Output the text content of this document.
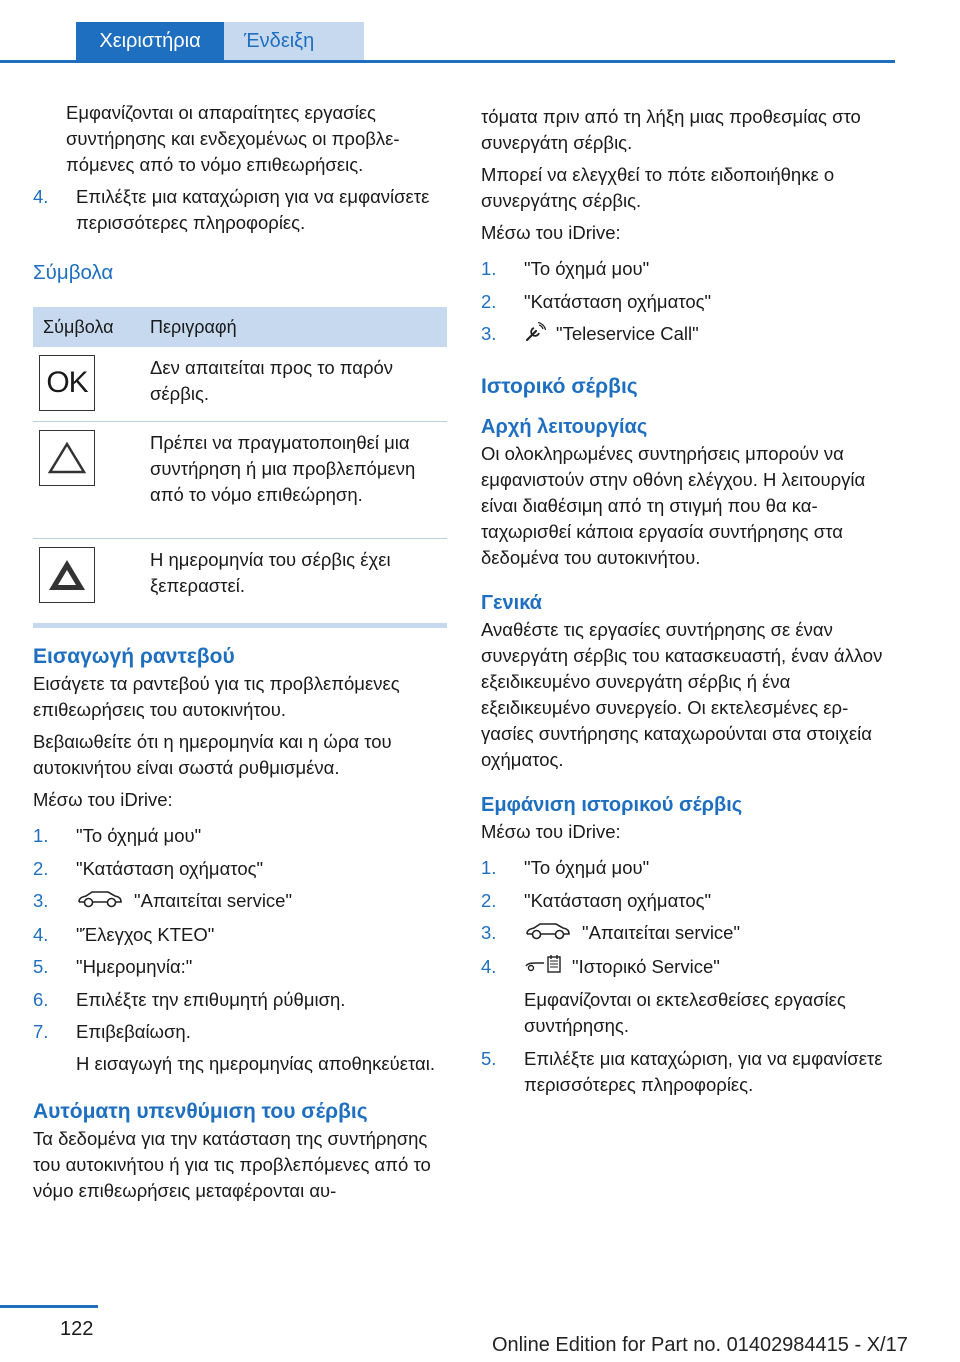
Χειριστήρια	Ένδειξη
Εμφανίζονται οι απαραίτητες εργασίες συντήρησης και ενδεχομένως οι προβλεπόμενες από το νόμο επιθεωρήσεις.
4. Επιλέξτε μια καταχώριση για να εμφανίσετε περισσότερες πληροφορίες.
Σύμβολα
Σύμβολα	Περιγραφή
OK	Δεν απαιτείται προς το παρόν σέρβις.
Πρέπει να πραγματοποιηθεί μια συντήρηση ή μια προβλεπόμενη από το νόμο επιθεώρηση.
Η ημερομηνία του σέρβις έχει ξεπεραστεί.
Εισαγωγή ραντεβού
Εισάγετε τα ραντεβού για τις προβλεπόμενες επιθεωρήσεις του αυτοκινήτου.
Βεβαιωθείτε ότι η ημερομηνία και η ώρα του αυτοκινήτου είναι σωστά ρυθμισμένα.
Μέσω του iDrive:
1. "Το όχημά μου"
2. "Κατάσταση οχήματος"
3.	"Απαιτείται service"
4. "Έλεγχος ΚΤΕΟ"
5. "Ημερομηνία:"
6. Επιλέξτε την επιθυμητή ρύθμιση.
7. Επιβεβαίωση.
Η εισαγωγή της ημερομηνίας αποθηκεύεται.
Αυτόματη υπενθύμιση του σέρβις
Τα δεδομένα για την κατάσταση της συντήρησης του αυτοκινήτου ή για τις προβλεπόμενες από το νόμο επιθεωρήσεις μεταφέρονται αυ-
τόματα πριν από τη λήξη μιας προθεσμίας στο συνεργάτη σέρβις.
Μπορεί να ελεγχθεί το πότε ειδοποιήθηκε ο συνεργάτης σέρβις.
Μέσω του iDrive:
1. "Το όχημά μου"
2. "Κατάσταση οχήματος"
3.	"Teleservice Call"
Ιστορικό σέρβις
Αρχή λειτουργίας
Οι ολοκληρωμένες συντηρήσεις μπορούν να εμφανιστούν στην οθόνη ελέγχου. Η λειτουργία είναι διαθέσιμη από τη στιγμή που θα καταχωρισθεί κάποια εργασία συντήρησης στα δεδομένα του αυτοκινήτου.
Γενικά
Αναθέστε τις εργασίες συντήρησης σε έναν συνεργάτη σέρβις του κατασκευαστή, έναν άλλον εξειδικευμένο συνεργάτη σέρβις ή ένα εξειδικευμένο συνεργείο. Οι εκτελεσμένες εργασίες συντήρησης καταχωρούνται στα στοιχεία οχήματος.
Εμφάνιση ιστορικού σέρβις
Μέσω του iDrive:
1. "Το όχημά μου"
2. "Κατάσταση οχήματος"
3.	"Απαιτείται service"
4.	"Ιστορικό Service"
Εμφανίζονται οι εκτελεσθείσες εργασίες συντήρησης.
5. Επιλέξτε μια καταχώριση, για να εμφανίσετε περισσότερες πληροφορίες.
122
Online Edition for Part no. 01402984415 - X/17
